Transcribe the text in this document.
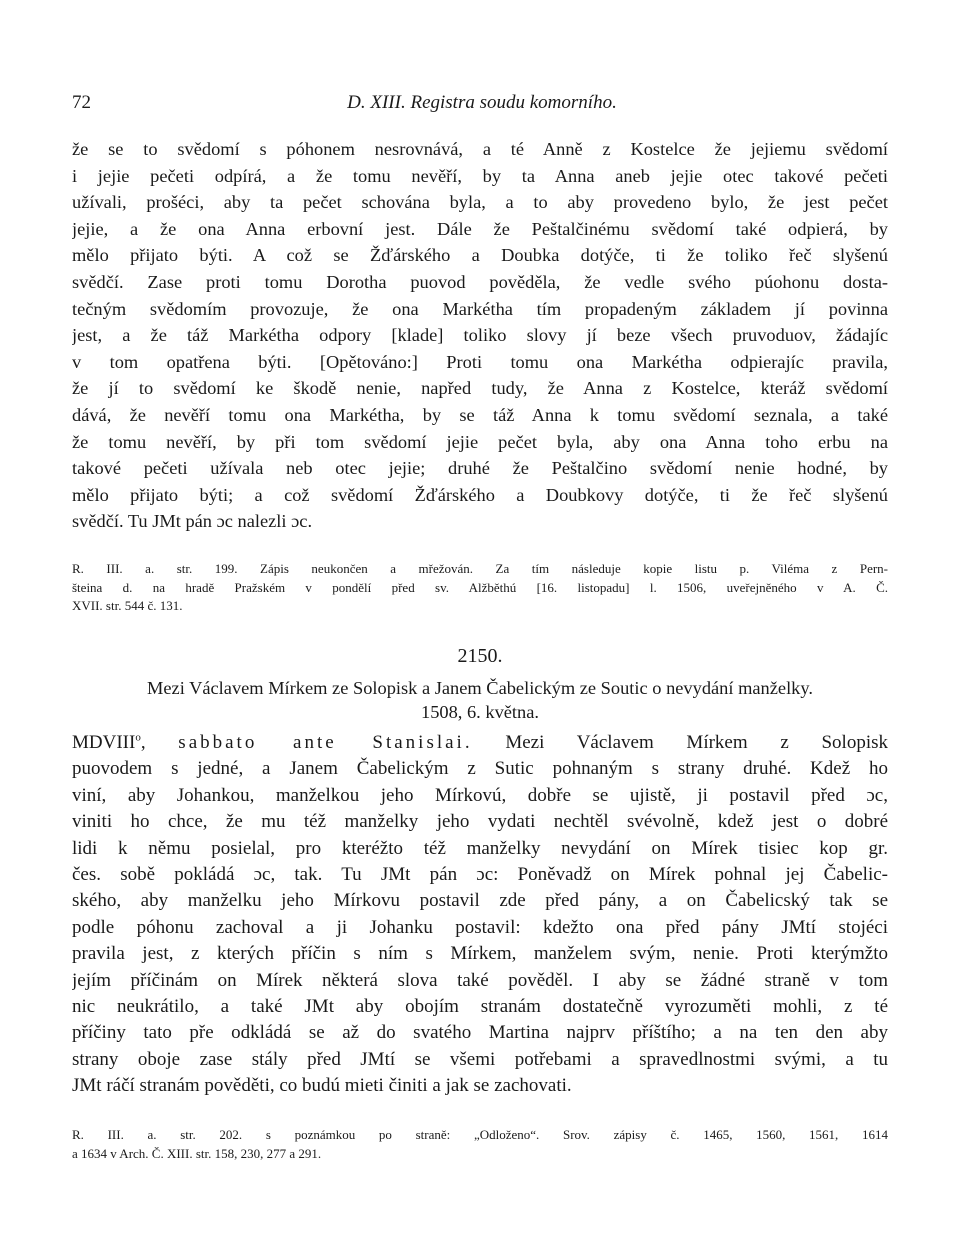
72	D. XIII. Registra soudu komorního.
že se to svědomí s póhonem nesrovnává, a té Anně z Kostelce že jejiemu svědomí
i jejie pečeti odpírá, a že tomu nevěří, by ta Anna aneb jejie otec takové pečeti
užívali, prošéci, aby ta pečet schována byla, a to aby provedeno bylo, že jest pečet
jejie, a že ona Anna erbovní jest. Dále že Peštalčinému svědomí také odpierá, by
mělo přijato býti. A což se Žďárského a Doubka dotýče, ti že toliko řeč slyšenú
svědčí. Zase proti tomu Dorotha puovod pověděla, že vedle svého púohonu dosta-
tečným svědomím provozuje, že ona Markétha tím propadeným základem jí povinna
jest, a že táž Markétha odpory [klade] toliko slovy jí beze všech pruvoduov, žádajíc
v tom opatřena býti. [Opětováno:] Proti tomu ona Markétha odpierajíc pravila,
že jí to svědomí ke škodě nenie, napřed tudy, že Anna z Kostelce, kteráž svědomí
dává, že nevěří tomu ona Markétha, by se táž Anna k tomu svědomí seznala, a také
že tomu nevěří, by při tom svědomí jejie pečet byla, aby ona Anna toho erbu na
takové pečeti užívala neb otec jejie; druhé že Peštalčino svědomí nenie hodné, by
mělo přijato býti; a což svědomí Žďárského a Doubkovy dotýče, ti že řeč slyšenú
svědčí. Tu JMt pán ɔc nalezli ɔc.
R. III. a. str. 199. Zápis neukončen a mřežován. Za tím následuje kopie listu p. Viléma z Pern-
šteina d. na hradě Pražském v pondělí před sv. Alžběthú [16. listopadu] l. 1506, uveřejněného v A. Č.
XVII. str. 544 č. 131.
2150.
Mezi Václavem Mírkem ze Solopisk a Janem Čabelickým ze Soutic o nevydání manželky.
1508, 6. května.
MDVIII$^o$, sabbato ante Stanislai. Mezi Václavem Mírkem z Solopisk
puovodem s jedné, a Janem Čabelickým z Sutic pohnaným s strany druhé. Kdež ho
viní, aby Johankou, manželkou jeho Mírkovú, dobře se ujistě, ji postavil před ɔc,
viniti ho chce, že mu též manželky jeho vydati nechtěl svévolně, kdež jest o dobré
lidi k němu posielal, pro kteréžto též manželky nevydání on Mírek tisiec kop gr.
čes. sobě pokládá ɔc, tak. Tu JMt pán ɔc: Poněvadž on Mírek pohnal jej Čabelic-
ského, aby manželku jeho Mírkovu postavil zde před pány, a on Čabelicský tak se
podle póhonu zachoval a ji Johanku postavil: kdežto ona před pány JMtí stojéci
pravila jest, z kterých příčin s ním s Mírkem, manželem svým, nenie. Proti kterýmžto
jejím příčinám on Mírek některá slova také pověděl. I aby se žádné straně v tom
nic neukrátilo, a také JMt aby obojím stranám dostatečně vyrozuměti mohli, z té
příčiny tato pře odkládá se až do svatého Martina najprv příštího; a na ten den aby
strany oboje zase stály před JMtí se všemi potřebami a spravedlnostmi svými, a tu
JMt ráčí stranám pověděti, co budú mieti činiti a jak se zachovati.
R. III. a. str. 202. s poznámkou po straně: „Odloženo“. Srov. zápisy č. 1465, 1560, 1561, 1614
a 1634 v Arch. Č. XIII. str. 158, 230, 277 a 291.
